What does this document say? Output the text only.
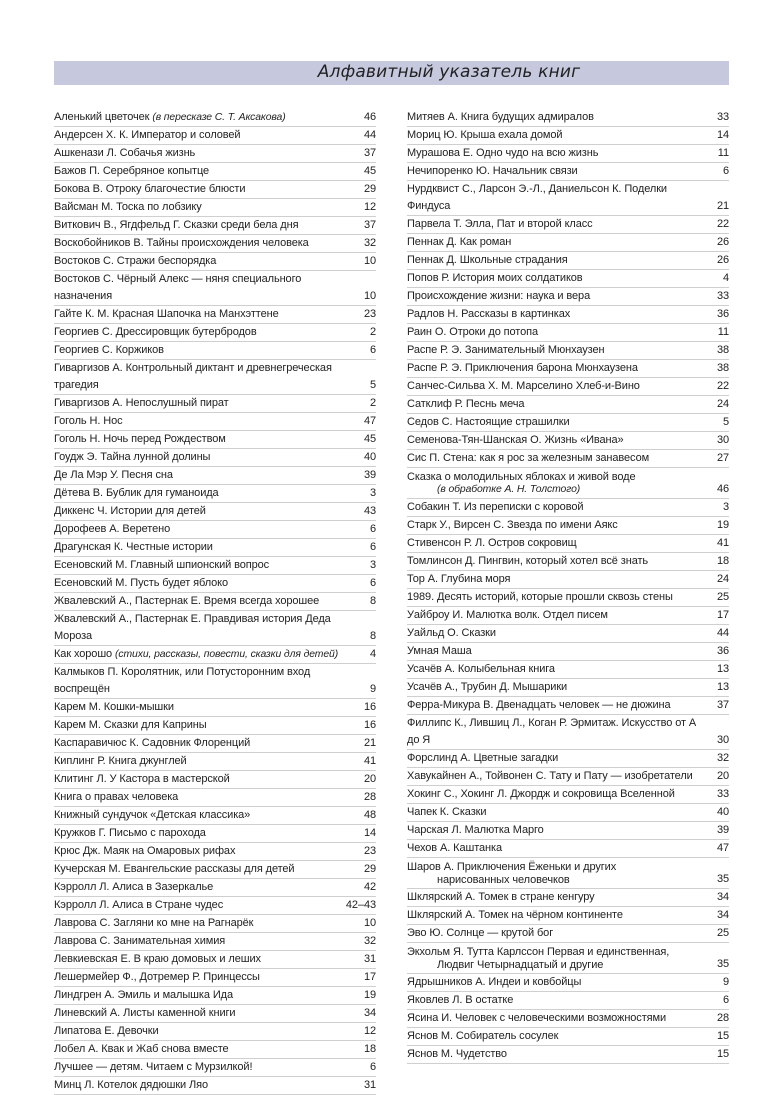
Алфавитный указатель книг
Аленький цветочек (в пересказе С. Т. Аксакова)	46
Андерсен Х. К. Император и соловей	44
Ашкенази Л. Собачья жизнь	37
Бажов П. Серебряное копытце	45
Бокова В. Отроку благочестие блюсти	29
Вайсман М. Тоска по лобзику	12
Виткович В., Ягдфельд Г. Сказки среди бела дня	37
Воскобойников В. Тайны происхождения человека	32
Востоков С. Стражи беспорядка	10
Востоков С. Чёрный Алекс — няня специального назначения	10
Гайте К. М. Красная Шапочка на Манхэттене	23
Георгиев С. Дрессировщик бутербродов	2
Георгиев С. Коржиков	6
Гиваргизов А. Контрольный диктант и древнегреческая трагедия	5
Гиваргизов А. Непослушный пират	2
Гоголь Н. Нос	47
Гоголь Н. Ночь перед Рождеством	45
Гоудж Э. Тайна лунной долины	40
Де Ла Мэр У. Песня сна	39
Дётева В. Бублик для гуманоида	3
Диккенс Ч. Истории для детей	43
Дорофеев А. Веретено	6
Драгунская К. Честные истории	6
Есеновский М. Главный шпионский вопрос	3
Есеновский М. Пусть будет яблоко	6
Жвалевский А., Пастернак Е. Время всегда хорошее	8
Жвалевский А., Пастернак Е. Правдивая история Деда Мороза	8
Как хорошо (стихи, рассказы, повести, сказки для детей)	4
Калмыков П. Королятник, или Потусторонним вход воспрещён	9
Карем М. Кошки-мышки	16
Карем М. Сказки для Каприны	16
Каспаравичюс К. Садовник Флоренций	21
Киплинг Р. Книга джунглей	41
Клитинг Л. У Кастора в мастерской	20
Книга о правах человека	28
Книжный сундучок «Детская классика»	48
Кружков Г. Письмо с парохода	14
Крюс Дж. Маяк на Омаровых рифах	23
Кучерская М. Евангельские рассказы для детей	29
Кэрролл Л. Алиса в Зазеркалье	42
Кэрролл Л. Алиса в Стране чудес	42–43
Лаврова С. Загляни ко мне на Рагнарёк	10
Лаврова С. Занимательная химия	32
Левкиевская Е. В краю домовых и леших	31
Лешермейер Ф., Дотремер Р. Принцессы	17
Линдгрен А. Эмиль и малышка Ида	19
Линевский А. Листы каменной книги	34
Липатова Е. Девочки	12
Лобел А. Квак и Жаб снова вместе	18
Лучшее — детям. Читаем с Мурзилкой!	6
Минц Л. Котелок дядюшки Ляо	31
Митяев А. Книга будущих адмиралов	33
Мориц Ю. Крыша ехала домой	14
Мурашова Е. Одно чудо на всю жизнь	11
Нечипоренко Ю. Начальник связи	6
Нурдквист С., Ларсон Э.-Л., Даниельсон К. Поделки Финдуса	21
Парвела Т. Элла, Пат и второй класс	22
Пеннак Д. Как роман	26
Пеннак Д. Школьные страдания	26
Попов Р. История моих солдатиков	4
Происхождение жизни: наука и вера	33
Радлов Н. Рассказы в картинках	36
Раин О. Отроки до потопа	11
Распе Р. Э. Занимательный Мюнхаузен	38
Распе Р. Э. Приключения барона Мюнхаузена	38
Санчес-Сильва Х. М. Марселино Хлеб-и-Вино	22
Сатклиф Р. Песнь меча	24
Седов С. Настоящие страшилки	5
Семенова-Тян-Шанская О. Жизнь «Ивана»	30
Сис П. Стена: как я рос за железным занавесом	27
Сказка о молодильных яблоках и живой воде
(в обработке А. Н. Толстого)	46
Собакин Т. Из переписки с коровой	3
Старк У., Вирсен С. Звезда по имени Аякс	19
Стивенсон Р. Л. Остров сокровищ	41
Томлинсон Д. Пингвин, который хотел всё знать	18
Тор А. Глубина моря	24
1989. Десять историй, которые прошли сквозь стены	25
Уайброу И. Малютка волк. Отдел писем	17
Уайльд О. Сказки	44
Умная Маша	36
Усачёв А. Колыбельная книга	13
Усачёв А., Трубин Д. Мышарики	13
Ферра-Микура В. Двенадцать человек — не дюжина	37
Филлипс К., Лившиц Л., Коган Р. Эрмитаж. Искусство от А до Я	30
Форслинд А. Цветные загадки	32
Хавукайнен А., Тойвонен С. Тату и Пату — изобретатели	20
Хокинг С., Хокинг Л. Джордж и сокровища Вселенной	33
Чапек К. Сказки	40
Чарская Л. Малютка Марго	39
Чехов А. Каштанка	47
Шаров А. Приключения Ёженьки и других
нарисованных человечков	35
Шклярский А. Томек в стране кенгуру	34
Шклярский А. Томек на чёрном континенте	34
Эво Ю. Солнце — крутой бог	25
Экхольм Я. Тутта Карлссон Первая и единственная,
Людвиг Четырнадцатый и другие	35
Ядрышников А. Индеи и ковбойцы	9
Яковлев Л. В остатке	6
Ясина И. Человек с человеческими возможностями	28
Яснов М. Собиратель сосулек	15
Яснов М. Чудетство	15
